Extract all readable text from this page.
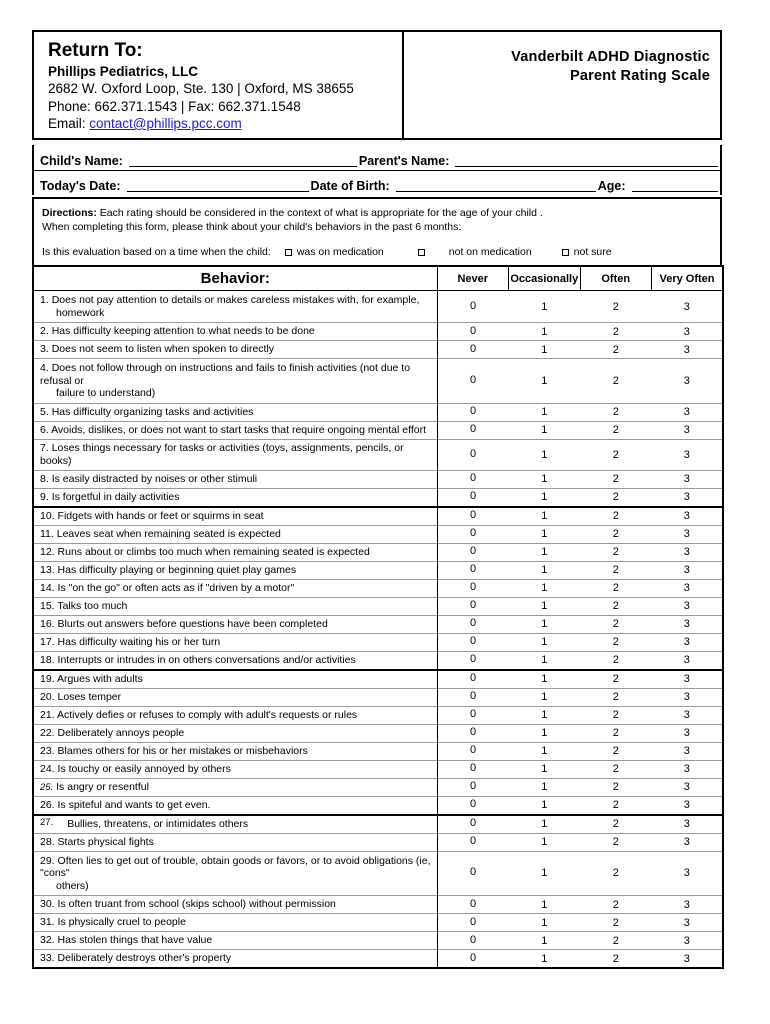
Return To:
Phillips Pediatrics, LLC
2682 W. Oxford Loop, Ste. 130 | Oxford, MS 38655
Phone: 662.371.1543 | Fax: 662.371.1548
Email: contact@phillips.pcc.com
Vanderbilt ADHD Diagnostic
Parent Rating Scale
Child's Name:	Parent's Name:
Today's Date:	Date of Birth:	Age:
Directions: Each rating should be considered in the context of what is appropriate for the age of your child .
When completing this form, please think about your child's behaviors in the past 6 months:
Is this evaluation based on a time when the child: was on medication	not on medication	not sure
Behavior:	Never	Occasionally	Often	Very Often
1. Does not pay attention to details or makes careless mistakes with, for example,
homework	0	1	2	3
2. Has difficulty keeping attention to what needs to be done	0	1	2	3
3. Does not seem to listen when spoken to directly	0	1	2	3
4. Does not follow through on instructions and fails to finish activities (not due to refusal or
failure to understand)	0	1	2	3
5. Has difficulty organizing tasks and activities	0	1	2	3
6. Avoids, dislikes, or does not want to start tasks that require ongoing mental effort	0	1	2	3
7. Loses things necessary for tasks or activities (toys, assignments, pencils, or books)	0	1	2	3
8. Is easily distracted by noises or other stimuli	0	1	2	3
9. Is forgetful in daily activities	0	1	2	3
10. Fidgets with hands or feet or squirms in seat	0	1	2	3
11. Leaves seat when remaining seated is expected	0	1	2	3
12. Runs about or climbs too much when remaining seated is expected	0	1	2	3
13. Has difficulty playing or beginning quiet play games	0	1	2	3
14. Is "on the go" or often acts as if "driven by a motor"	0	1	2	3
15. Talks too much	0	1	2	3
16. Blurts out answers before questions have been completed	0	1	2	3
17. Has difficulty waiting his or her turn	0	1	2	3
18. Interrupts or intrudes in on others conversations and/or activities	0	1	2	3
19. Argues with adults	0	1	2	3
20. Loses temper	0	1	2	3
21. Actively defies or refuses to comply with adult's requests or rules	0	1	2	3
22. Deliberately annoys people	0	1	2	3
23. Blames others for his or her mistakes or misbehaviors	0	1	2	3
24. Is touchy or easily annoyed by others	0	1	2	3
25. Is angry or resentful	0	1	2	3
26. Is spiteful and wants to get even.	0	1	2	3
27. Bullies, threatens, or intimidates others	0	1	2	3
28. Starts physical fights	0	1	2	3
29. Often lies to get out of trouble, obtain goods or favors, or to avoid obligations (ie, "cons"
others)	0	1	2	3
30. Is often truant from school (skips school) without permission	0	1	2	3
31. Is physically cruel to people	0	1	2	3
32. Has stolen things that have value	0	1	2	3
33. Deliberately destroys other's property	0	1	2	3
